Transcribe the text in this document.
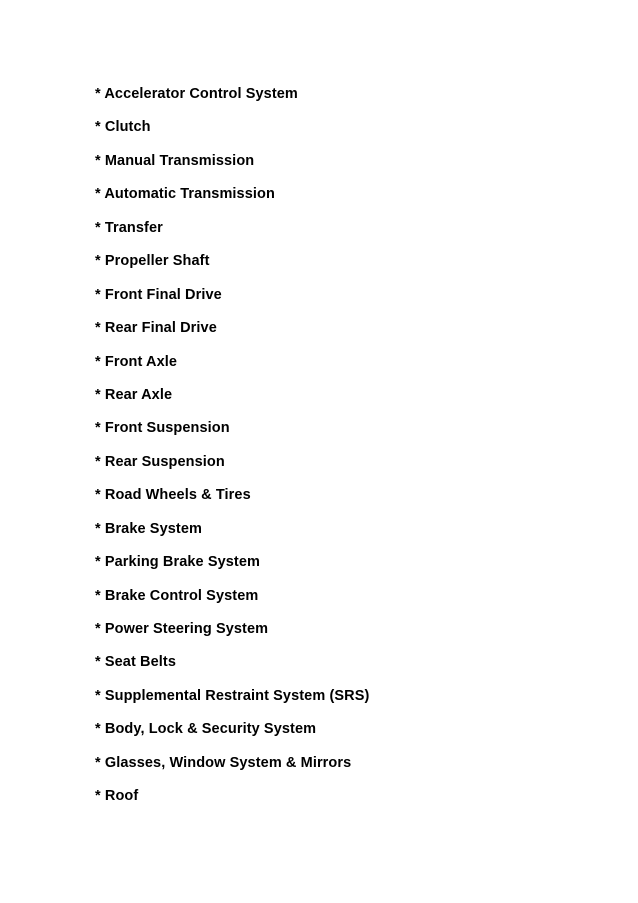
* Accelerator Control System
* Clutch
* Manual Transmission
* Automatic Transmission
* Transfer
* Propeller Shaft
* Front Final Drive
* Rear Final Drive
* Front Axle
* Rear Axle
* Front Suspension
* Rear Suspension
* Road Wheels & Tires
* Brake System
* Parking Brake System
* Brake Control System
* Power Steering System
* Seat Belts
* Supplemental Restraint System (SRS)
* Body, Lock & Security System
* Glasses, Window System & Mirrors
* Roof
